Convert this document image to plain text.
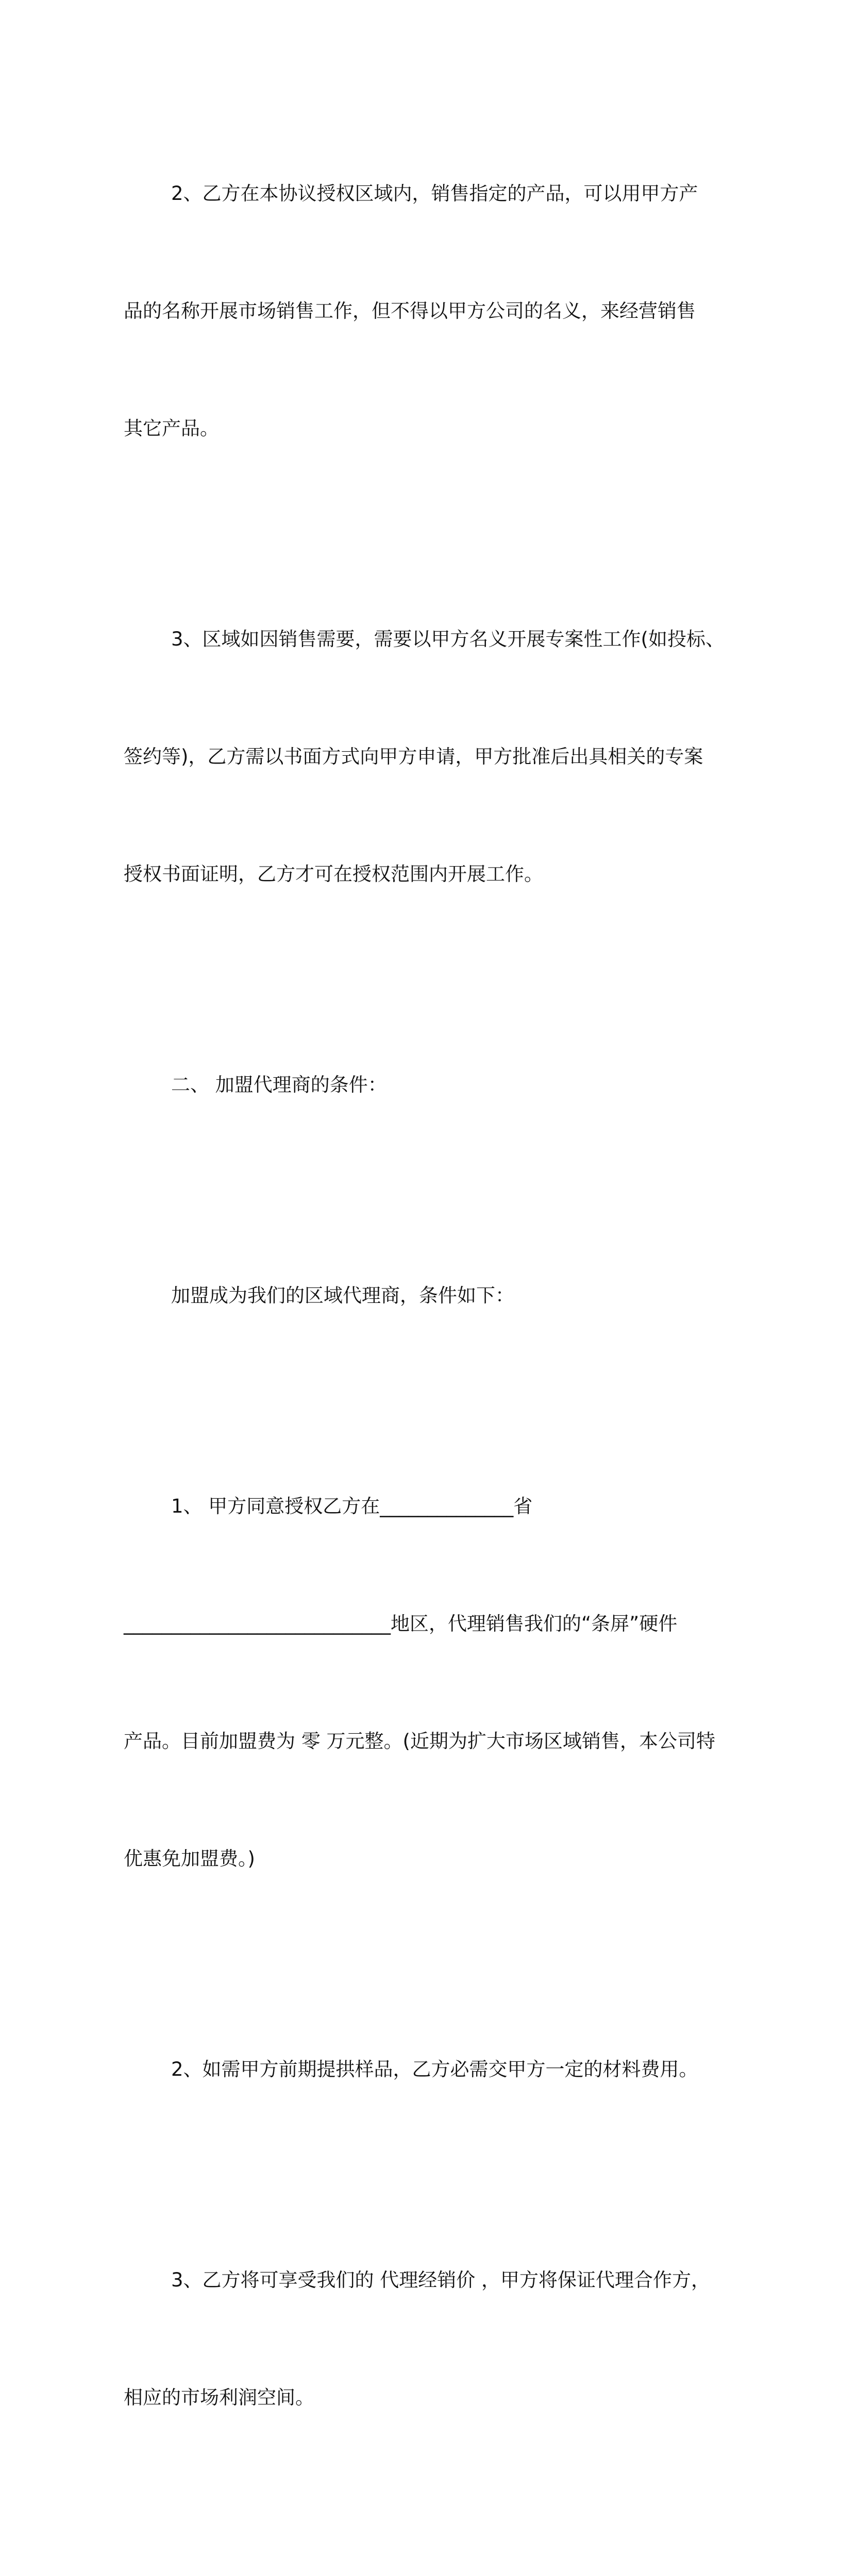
2、乙方在本协议授权区域内，销售指定的产品，可以用甲方产

品的名称开展市场销售工作，但不得以甲方公司的名义，来经营销售

其它产品。

3、区域如因销售需要，需要以甲方名义开展专案性工作(如投标、

签约等)，乙方需以书面方式向甲方申请，甲方批准后出具相关的专案

授权书面证明，乙方才可在授权范围内开展工作。

二、 加盟代理商的条件：

加盟成为我们的区域代理商，条件如下：

1、 甲方同意授权乙方在______________省

____________________________地区，代理销售我们的“条屏”硬件

产品。目前加盟费为 零 万元整。(近期为扩大市场区域销售，本公司特

优惠免加盟费。)

2、如需甲方前期提拱样品，乙方必需交甲方一定的材料费用。

3、乙方将可享受我们的 代理经销价 ，甲方将保证代理合作方，

相应的市场利润空间。
